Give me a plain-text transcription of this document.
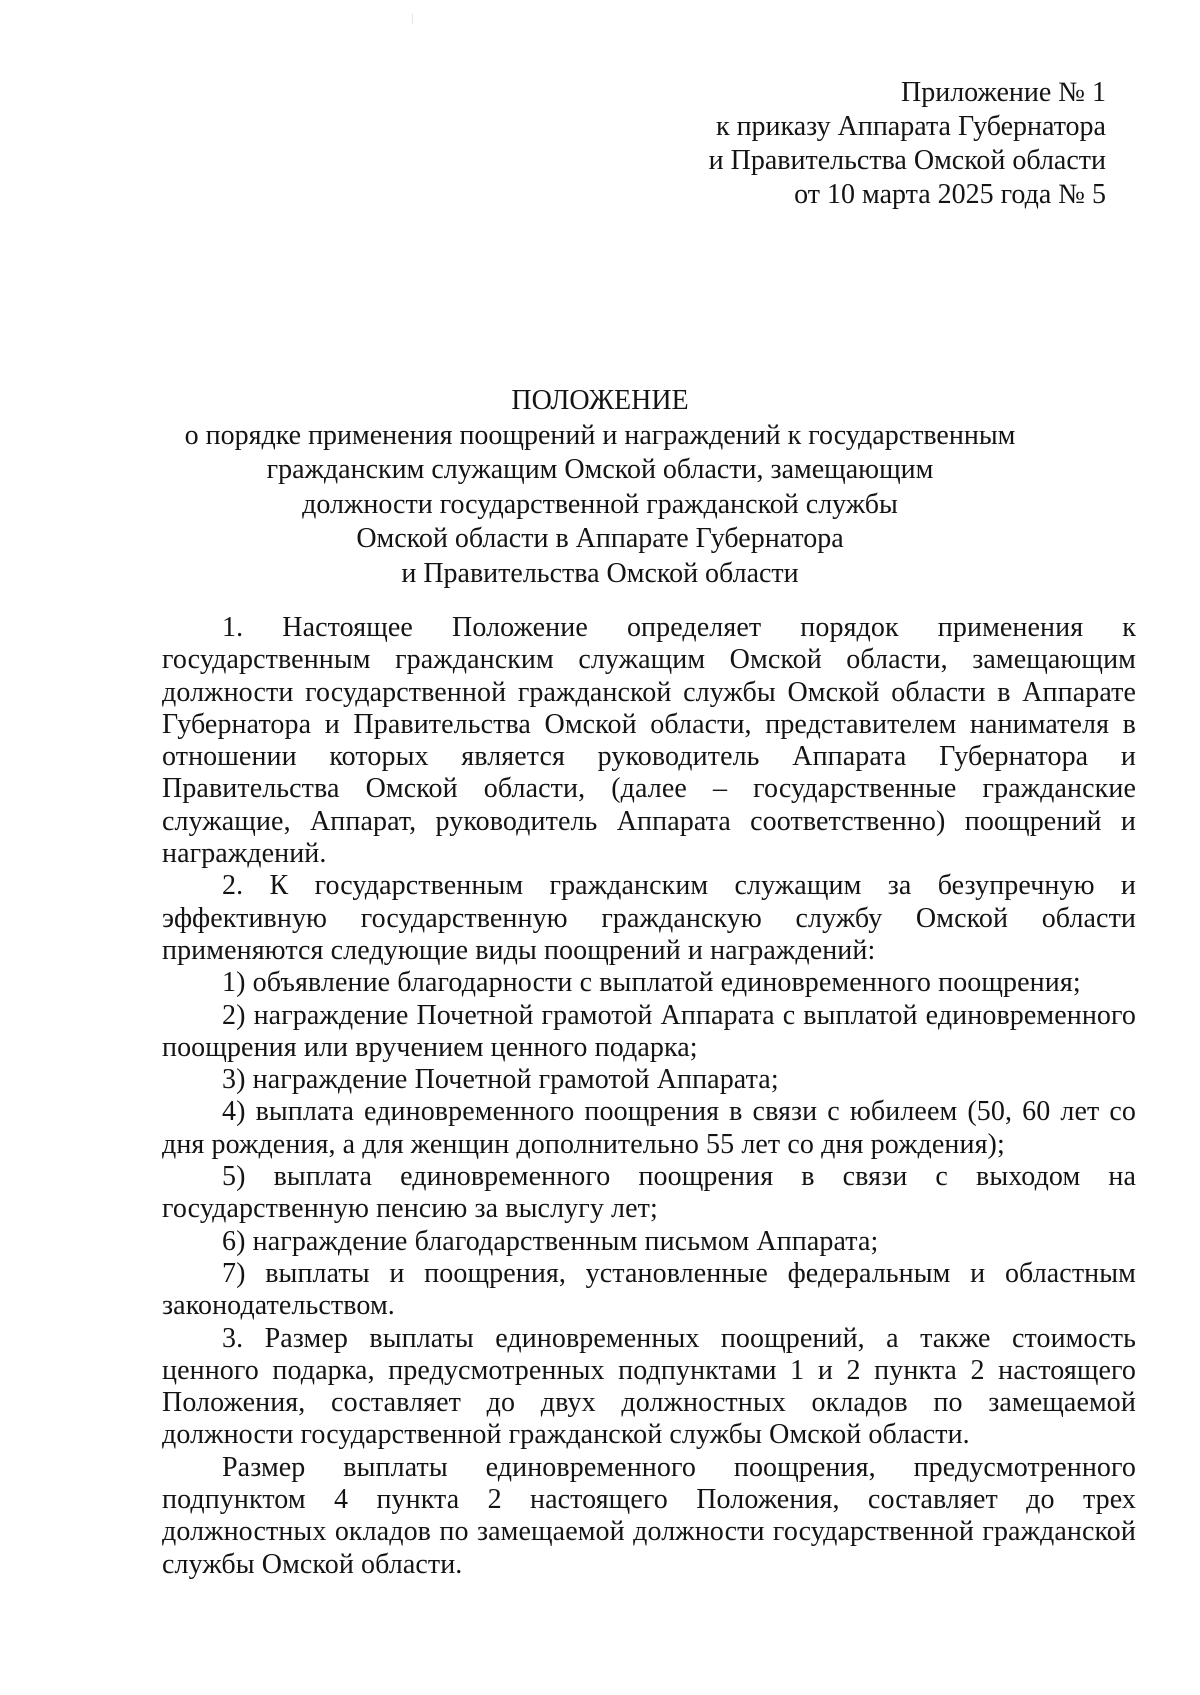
Приложение № 1
к приказу Аппарата Губернатора
и Правительства Омской области
от 10 марта 2025 года № 5
ПОЛОЖЕНИЕ
о порядке применения поощрений и награждений к государственным
гражданским служащим Омской области, замещающим
должности государственной гражданской службы
Омской области в Аппарате Губернатора
и Правительства Омской области

1. Настоящее Положение определяет порядок применения к государственным гражданским служащим Омской области, замещающим должности государственной гражданской службы Омской области в Аппарате Губернатора и Правительства Омской области, представителем нанимателя в отношении которых является руководитель Аппарата Губернатора и Правительства Омской области, (далее – государственные гражданские служащие, Аппарат, руководитель Аппарата соответственно) поощрений и награждений.

2. К государственным гражданским служащим за безупречную и эффективную государственную гражданскую службу Омской области применяются следующие виды поощрений и награждений:

1) объявление благодарности с выплатой единовременного поощрения;

2) награждение Почетной грамотой Аппарата с выплатой единовременного поощрения или вручением ценного подарка;

3) награждение Почетной грамотой Аппарата;

4) выплата единовременного поощрения в связи с юбилеем (50, 60 лет со дня рождения, а для женщин дополнительно 55 лет со дня рождения);

5) выплата единовременного поощрения в связи с выходом на государственную пенсию за выслугу лет;

6) награждение благодарственным письмом Аппарата;

7) выплаты и поощрения, установленные федеральным и областным законодательством.

3. Размер выплаты единовременных поощрений, а также стоимость ценного подарка, предусмотренных подпунктами 1 и 2 пункта 2 настоящего Положения, составляет до двух должностных окладов по замещаемой должности государственной гражданской службы Омской области.

Размер выплаты единовременного поощрения, предусмотренного подпунктом 4 пункта 2 настоящего Положения, составляет до трех должностных окладов по замещаемой должности государственной гражданской службы Омской области.
